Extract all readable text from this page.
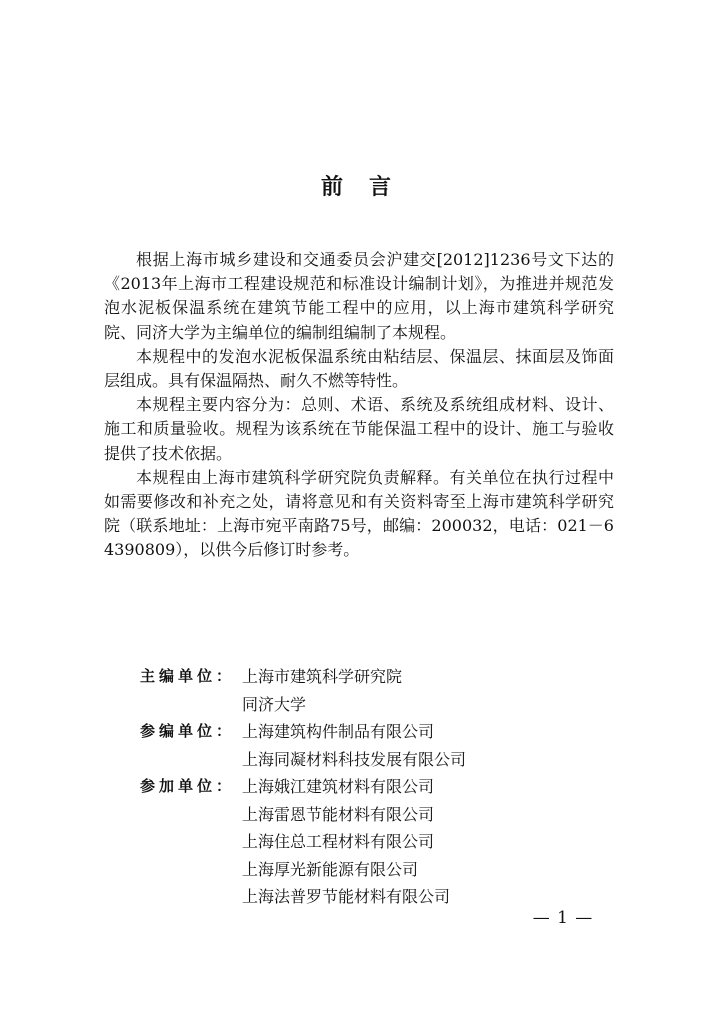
前 言

根据上海市城乡建设和交通委员会沪建交[2012]1236号文下达的《2013年上海市工程建设规范和标准设计编制计划》，为推进并规范发泡水泥板保温系统在建筑节能工程中的应用，以上海市建筑科学研究院、同济大学为主编单位的编制组编制了本规程。

本规程中的发泡水泥板保温系统由粘结层、保温层、抹面层及饰面层组成。具有保温隔热、耐久不燃等特性。

本规程主要内容分为：总则、术语、系统及系统组成材料、设计、施工和质量验收。规程为该系统在节能保温工程中的设计、施工与验收提供了技术依据。

本规程由上海市建筑科学研究院负责解释。有关单位在执行过程中如需要修改和补充之处，请将意见和有关资料寄至上海市建筑科学研究院（联系地址：上海市宛平南路75号，邮编：200032，电话：021－64390809），以供今后修订时参考。

主编单位： 上海市建筑科学研究院
同济大学
参编单位： 上海建筑构件制品有限公司
上海同凝材料科技发展有限公司
参加单位： 上海娥江建筑材料有限公司
上海雷恩节能材料有限公司
上海住总工程材料有限公司
上海厚光新能源有限公司
上海法普罗节能材料有限公司
— 1 —
